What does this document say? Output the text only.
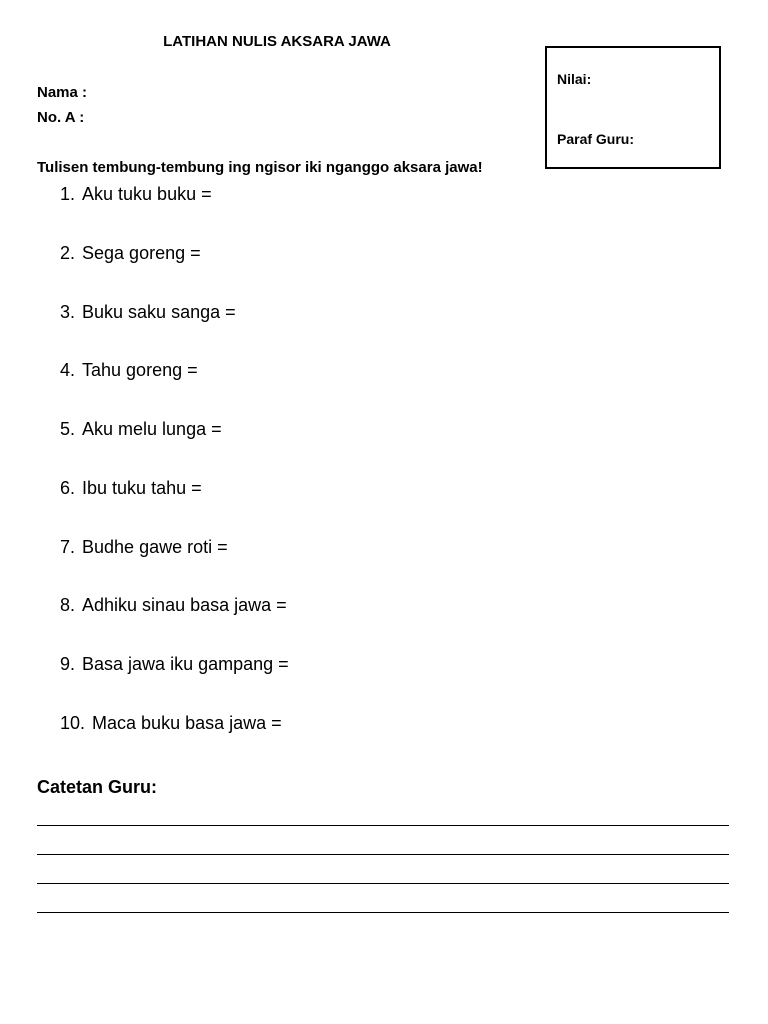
LATIHAN NULIS AKSARA JAWA
Nama :
No. A :
Nilai:
Paraf Guru:
Tulisen tembung-tembung ing ngisor iki nganggo aksara jawa!
1. Aku tuku buku =
2. Sega goreng =
3. Buku saku sanga =
4. Tahu goreng =
5. Aku melu lunga =
6. Ibu tuku tahu =
7. Budhe gawe roti =
8. Adhiku sinau basa jawa =
9. Basa jawa iku gampang =
10. Maca buku basa jawa =
Catetan Guru:
